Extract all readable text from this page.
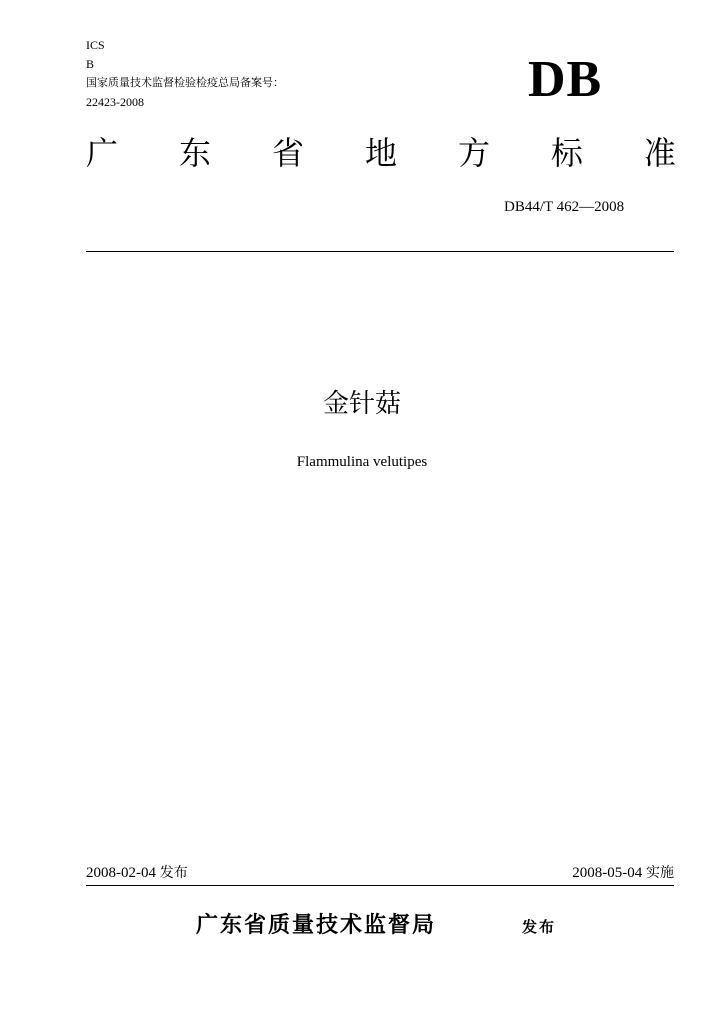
ICS
B
国家质量技术监督检验检疫总局备案号：
22423-2008	DB
广 东 省 地 方 标 准
DB44/T 462—2008
金针菇
Flammulina velutipes
2008-02-04 发布	2008-05-04 实施
广东省质量技术监督局	发布
